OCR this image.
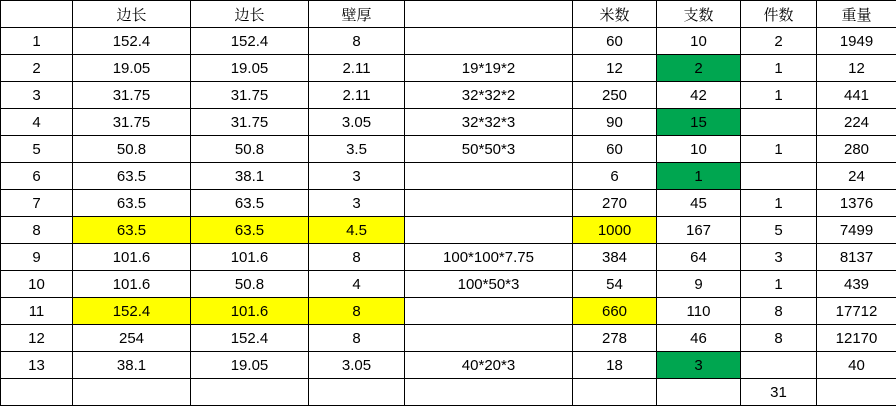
	边长	边长	壁厚		米数	支数	件数	重量
1	152.4	152.4	8		60	10	2	1949
2	19.05	19.05	2.11	19*19*2	12	2	1	12
3	31.75	31.75	2.11	32*32*2	250	42	1	441
4	31.75	31.75	3.05	32*32*3	90	15		224
5	50.8	50.8	3.5	50*50*3	60	10	1	280
6	63.5	38.1	3		6	1		24
7	63.5	63.5	3		270	45	1	1376
8	63.5	63.5	4.5		1000	167	5	7499
9	101.6	101.6	8	100*100*7.75	384	64	3	8137
10	101.6	50.8	4	100*50*3	54	9	1	439
11	152.4	101.6	8		660	110	8	17712
12	254	152.4	8		278	46	8	12170
13	38.1	19.05	3.05	40*20*3	18	3		40
							31	
